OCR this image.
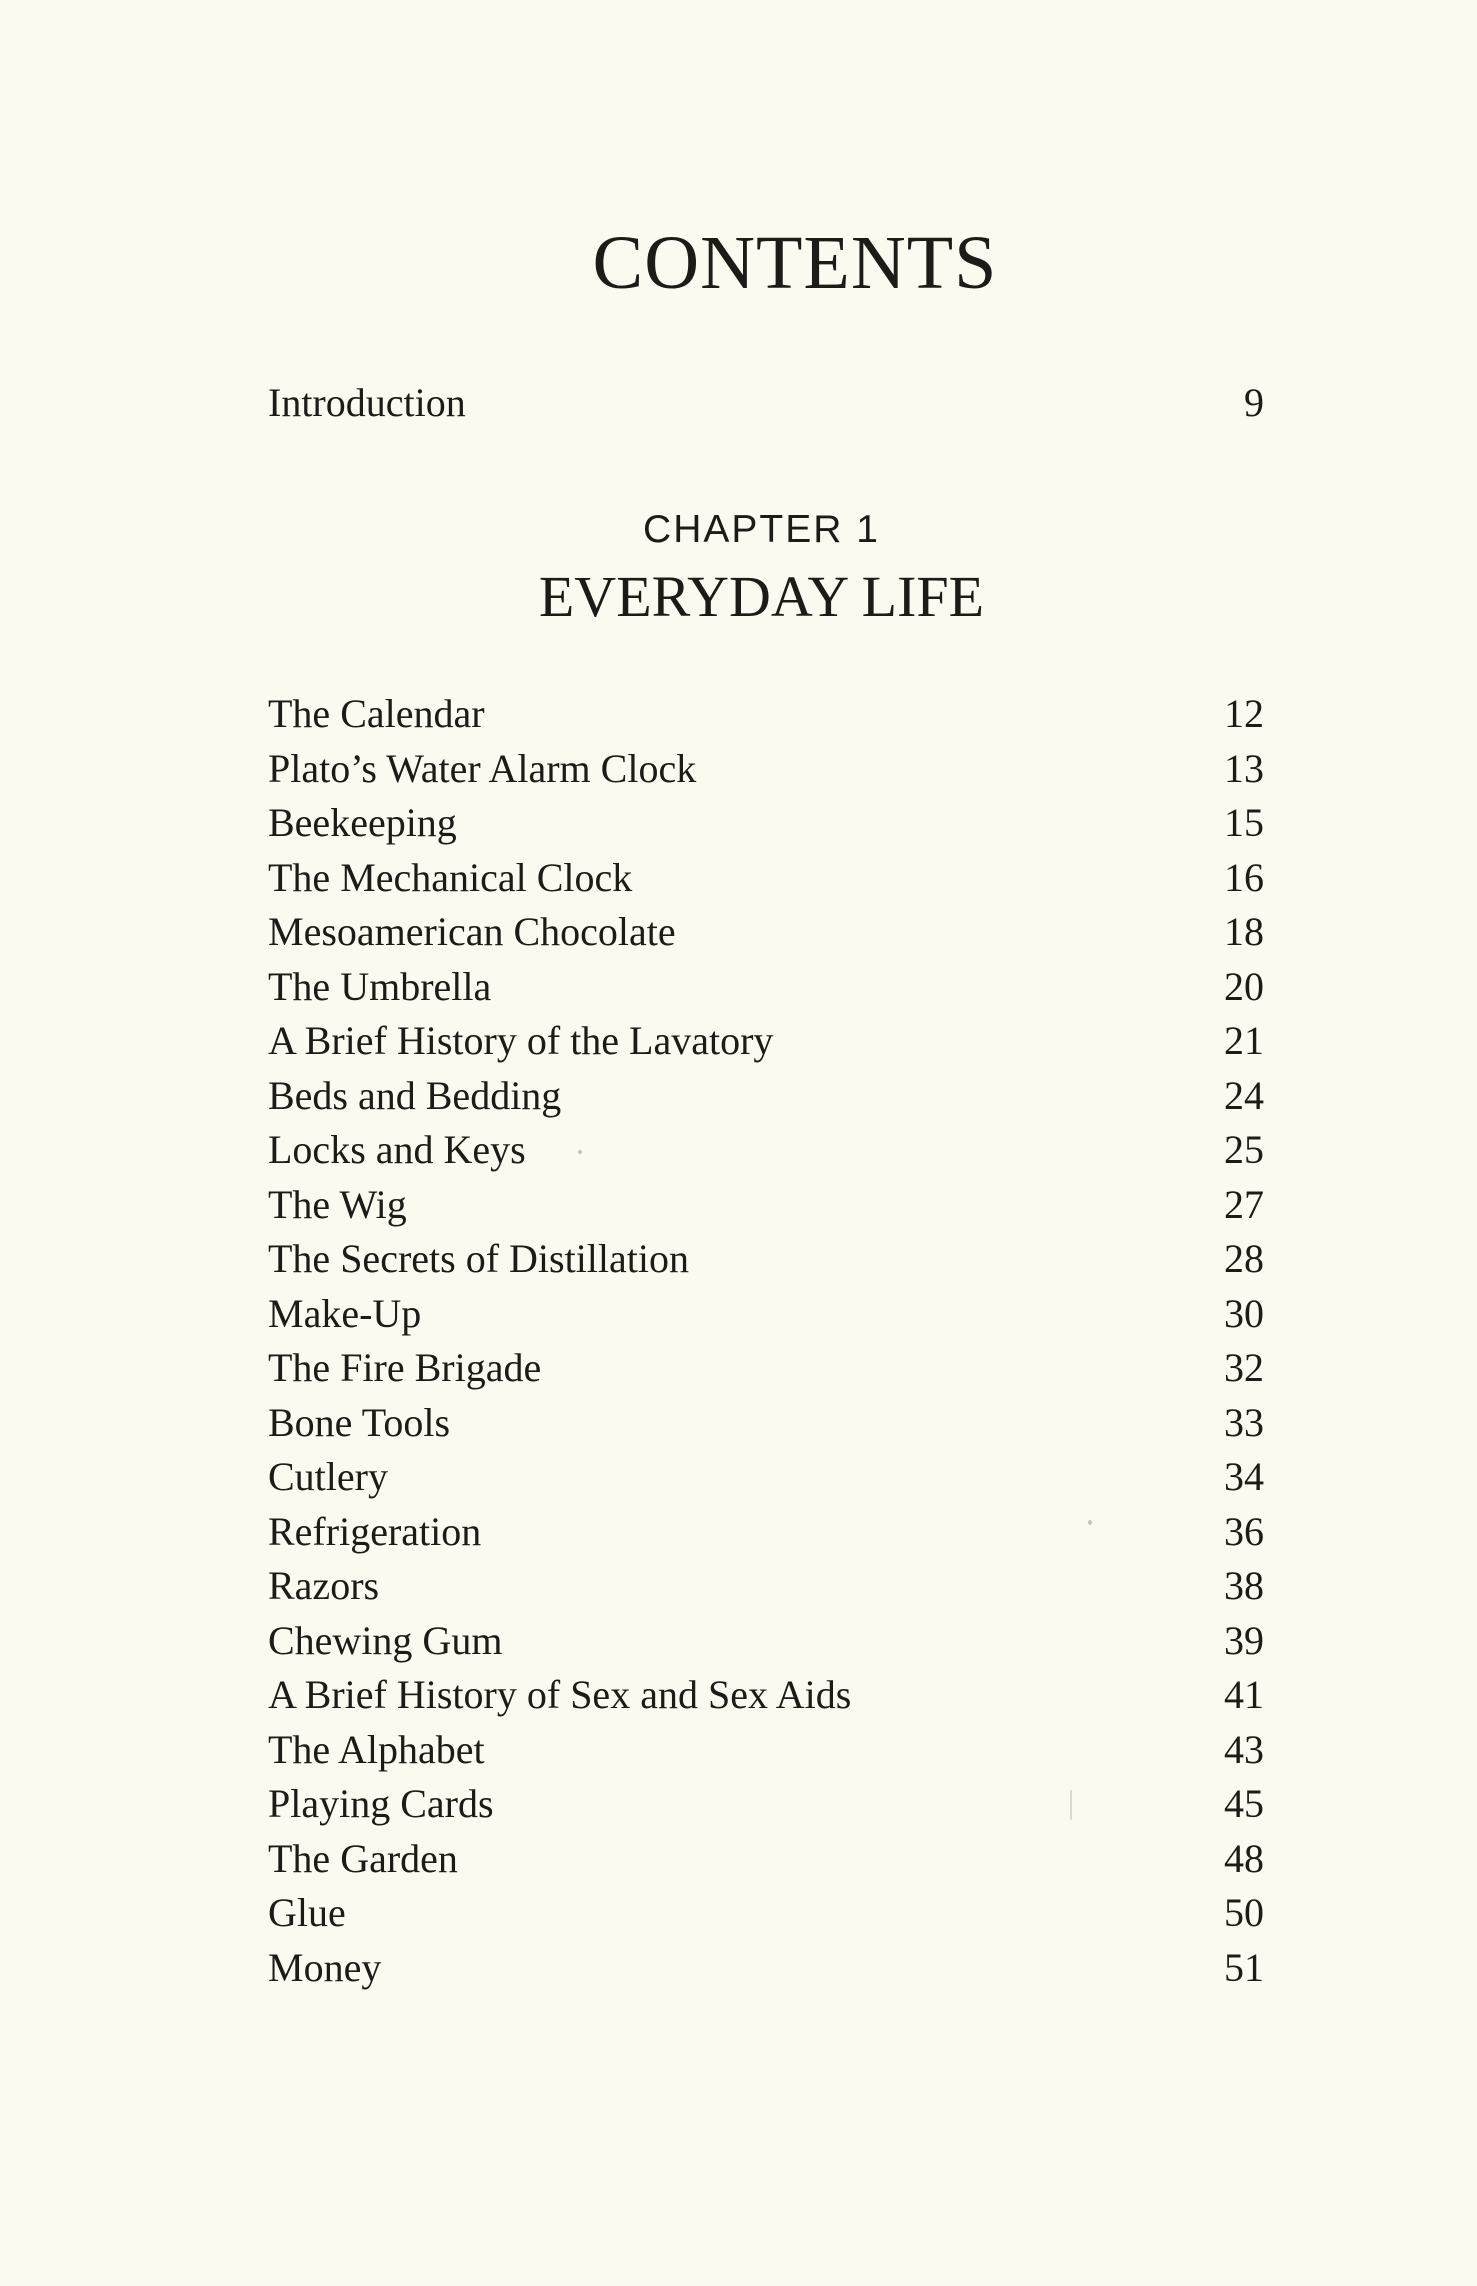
CONTENTS
Introduction	9
CHAPTER 1
EVERYDAY LIFE
The Calendar	12
Plato’s Water Alarm Clock	13
Beekeeping	15
The Mechanical Clock	16
Mesoamerican Chocolate	18
The Umbrella	20
A Brief History of the Lavatory	21
Beds and Bedding	24
Locks and Keys	25
The Wig	27
The Secrets of Distillation	28
Make-Up	30
The Fire Brigade	32
Bone Tools	33
Cutlery	34
Refrigeration	36
Razors	38
Chewing Gum	39
A Brief History of Sex and Sex Aids	41
The Alphabet	43
Playing Cards	45
The Garden	48
Glue	50
Money	51
